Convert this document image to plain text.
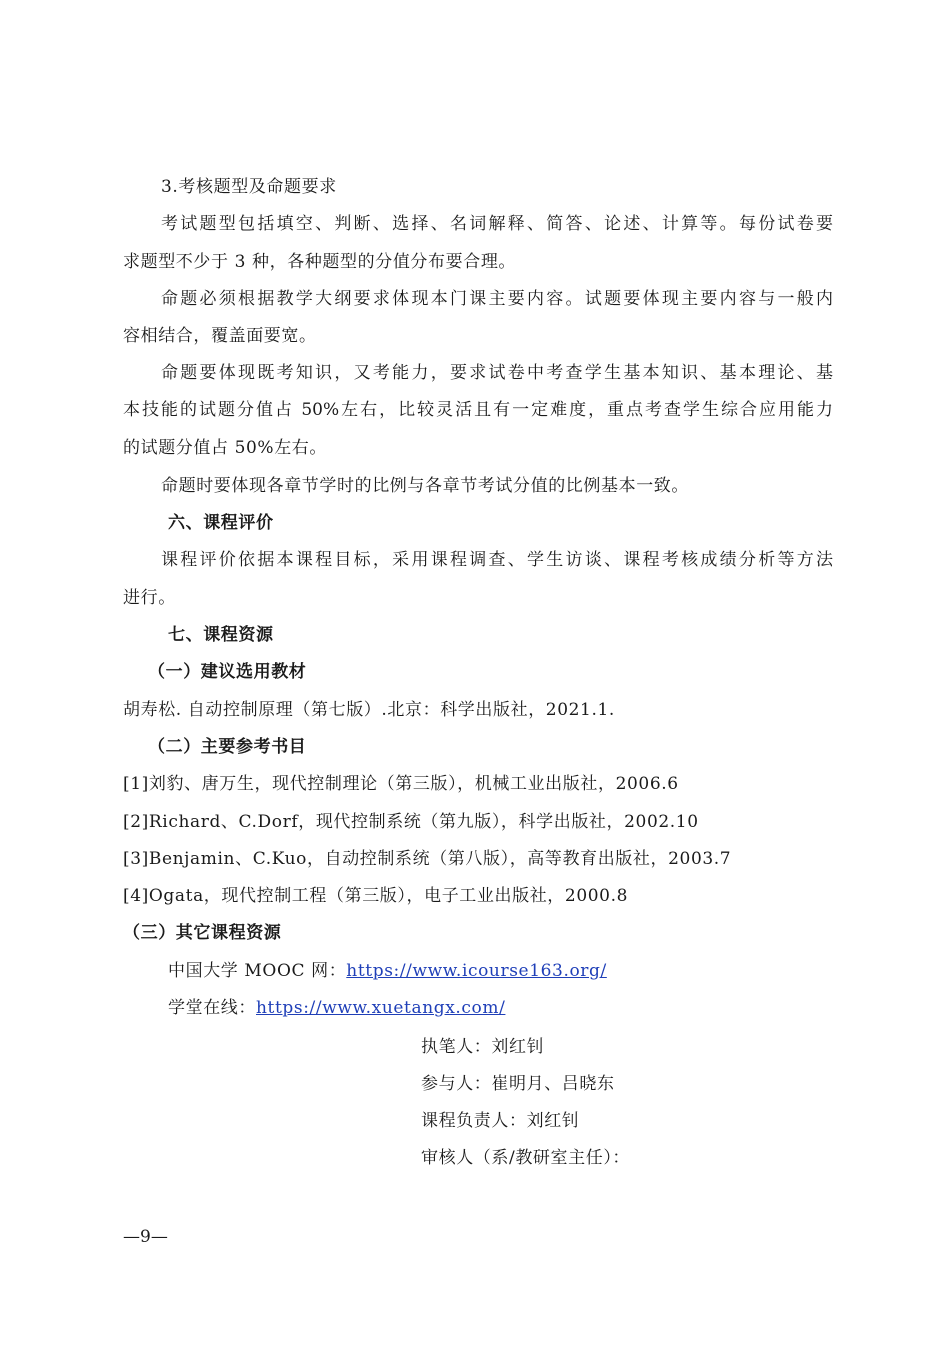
3.考核题型及命题要求
考试题型包括填空、判断、选择、名词解释、简答、论述、计算等。每份试卷要
求题型不少于 3 种，各种题型的分值分布要合理。
命题必须根据教学大纲要求体现本门课主要内容。试题要体现主要内容与一般内
容相结合，覆盖面要宽。
命题要体现既考知识，又考能力，要求试卷中考查学生基本知识、基本理论、基
本技能的试题分值占 50%左右，比较灵活且有一定难度，重点考查学生综合应用能力
的试题分值占 50%左右。
命题时要体现各章节学时的比例与各章节考试分值的比例基本一致。
六、课程评价
课程评价依据本课程目标，采用课程调查、学生访谈、课程考核成绩分析等方法
进行。
七、课程资源
（一）建议选用教材
胡寿松. 自动控制原理（第七版）.北京：科学出版社，2021.1.
（二）主要参考书目
[1]刘豹、唐万生，现代控制理论（第三版），机械工业出版社，2006.6
[2]Richard、C.Dorf，现代控制系统（第九版），科学出版社，2002.10
[3]Benjamin、C.Kuo，自动控制系统（第八版），高等教育出版社，2003.7
[4]Ogata，现代控制工程（第三版），电子工业出版社，2000.8
（三）其它课程资源
中国大学 MOOC 网：https://www.icourse163.org/
学堂在线：https://www.xuetangx.com/
执笔人：刘红钊
参与人：崔明月、吕晓东
课程负责人：刘红钊
审核人（系/教研室主任）：
—9—
